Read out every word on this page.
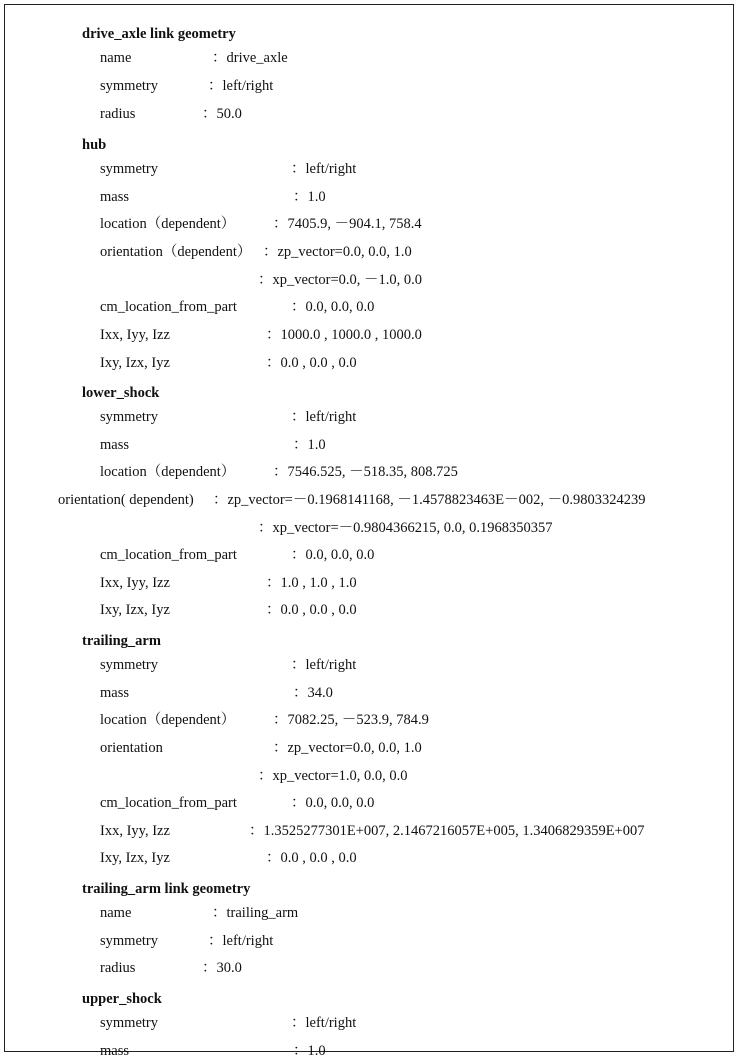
drive_axle link geometry
name	：drive_axle
symmetry	：left/right
radius	：50.0
hub
symmetry	：left/right
mass	：1.0
location（dependent）	：7405.9, －904.1, 758.4
orientation（dependent） ：zp_vector=0.0, 0.0, 1.0
：xp_vector=0.0, －1.0, 0.0
cm_location_from_part	：0.0, 0.0, 0.0
Ixx, Iyy, Izz	：1000.0 , 1000.0 , 1000.0
Ixy, Izx, Iyz	：0.0 , 0.0 , 0.0
lower_shock
symmetry	：left/right
mass	：1.0
location（dependent）	：7546.525, －518.35, 808.725
orientation( dependent) ：zp_vector=－0.1968141168, －1.4578823463E－002, －0.9803324239
：xp_vector=－0.9804366215, 0.0, 0.1968350357
cm_location_from_part	：0.0, 0.0, 0.0
Ixx, Iyy, Izz	：1.0 , 1.0 , 1.0
Ixy, Izx, Iyz	：0.0 , 0.0 , 0.0
trailing_arm
symmetry	：left/right
mass	：34.0
location（dependent）	：7082.25, －523.9, 784.9
orientation	：zp_vector=0.0, 0.0, 1.0
：xp_vector=1.0, 0.0, 0.0
cm_location_from_part	：0.0, 0.0, 0.0
Ixx, Iyy, Izz	：1.3525277301E+007, 2.1467216057E+005, 1.3406829359E+007
Ixy, Izx, Iyz	：0.0 , 0.0 , 0.0
trailing_arm link geometry
name	：trailing_arm
symmetry	：left/right
radius	：30.0
upper_shock
symmetry	：left/right
mass	：1.0
